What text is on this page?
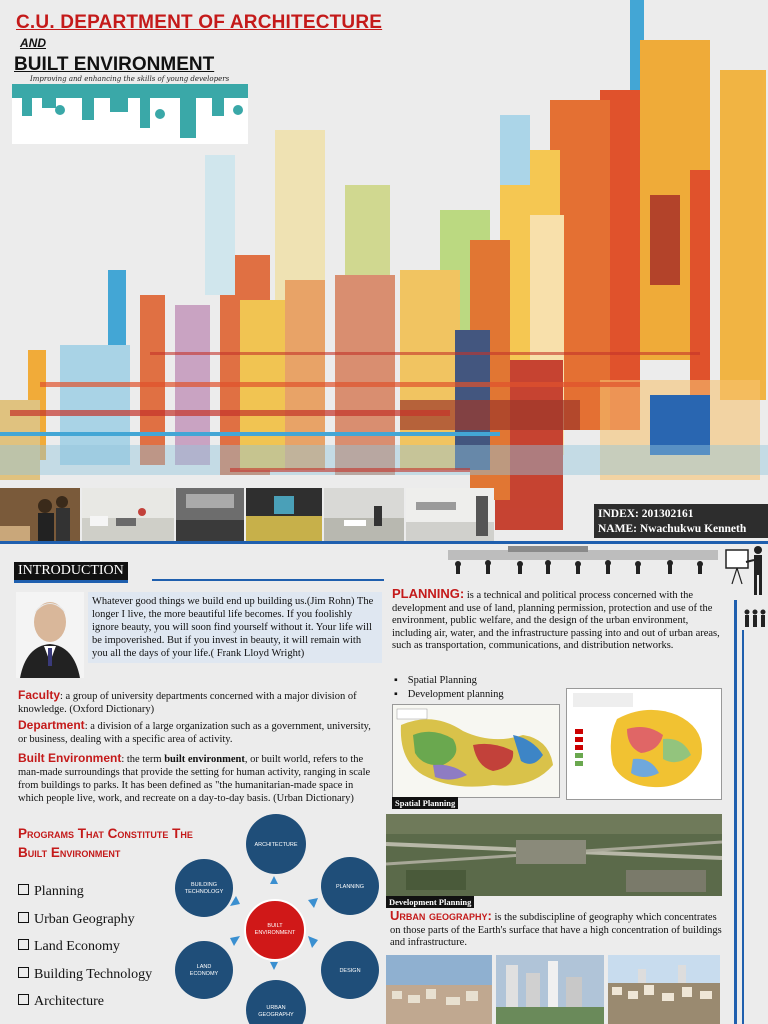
C.U. DEPARTMENT OF ARCHITECTURE
AND
BUILT ENVIRONMENT
Improving and enhancing the skills of young developers
INDEX: 201302161
NAME: Nwachukwu Kenneth
INTRODUCTION
Whatever good things we build end up building us.(Jim Rohn) The longer I live, the more beautiful life becomes. If you foolishly ignore beauty, you will soon find yourself without it. Your life will be impoverished. But if you invest in beauty, it will remain with you all the days of your life.( Frank Lloyd Wright)
Faculty: a group of university departments concerned with a major division of knowledge. (Oxford Dictionary)
Department: a division of a large organization such as a government, university, or business, dealing with a specific area of activity.
Built Environment: the term built environment, or built world, refers to the man-made surroundings that provide the setting for human activity, ranging in scale from buildings to parks. It has been defined as "the humanitarian-made space in which people live, work, and recreate on a day-to-day basis. (Urban Dictionary)
Programs That Constitute The Built Environment
Planning
Urban Geography
Land Economy
Building Technology
Architecture
BUILT
ENVIRONMENT
ARCHITECTURE
PLANNING
DESIGN
URBAN
GEOGRAPHY
LAND
ECONOMY
BUILDING
TECHNOLOGY
PLANNING: is a technical and political process concerned with the development and use of land, planning permission, protection and use of the environment, public welfare, and the design of the urban environment, including air, water, and the infrastructure passing into and out of urban areas, such as transportation, communications, and distribution networks.
▪ Spatial Planning
▪ Development planning
Spatial Planning
Development Planning
Urban geography: is the subdiscipline of geography which concentrates on those parts of the Earth's surface that have a high concentration of buildings and infrastructure.
